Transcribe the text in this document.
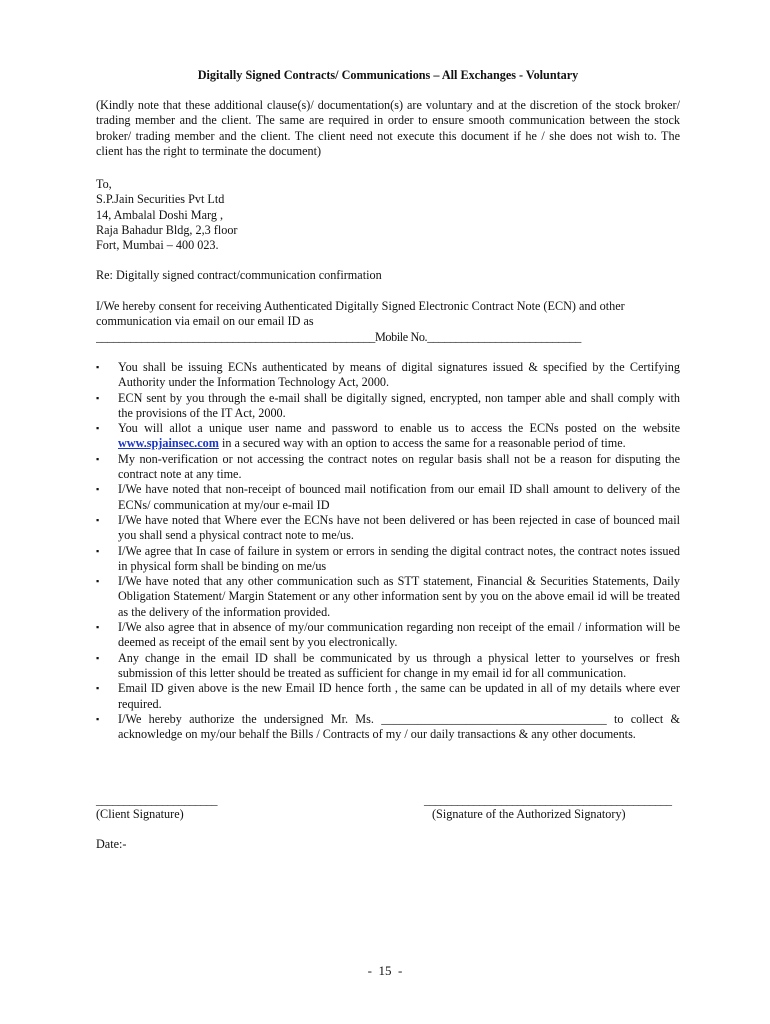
Digitally Signed Contracts/ Communications – All Exchanges - Voluntary
(Kindly note that these additional clause(s)/ documentation(s) are voluntary and at the discretion of the stock broker/ trading member and the client. The same are required in order to ensure smooth communication between the stock broker/ trading member and the client. The client need not execute this document if he / she does not wish to. The client has the right to terminate the document)
To,
S.P.Jain Securities Pvt Ltd
14, Ambalal Doshi Marg ,
Raja Bahadur Bldg, 2,3 floor
Fort, Mumbai – 400 023.
Re: Digitally signed contract/communication confirmation
I/We hereby consent for receiving Authenticated Digitally Signed Electronic Contract Note (ECN) and other communication via email on our email ID as
_________________________________________________Mobile No.___________________________
▪ You shall be issuing ECNs authenticated by means of digital signatures issued & specified by the Certifying Authority under the Information Technology Act, 2000.
▪ ECN sent by you through the e-mail shall be digitally signed, encrypted, non tamper able and shall comply with the provisions of the IT Act, 2000.
▪ You will allot a unique user name and password to enable us to access the ECNs posted on the website www.spjainsec.com in a secured way with an option to access the same for a reasonable period of time.
▪ My non-verification or not accessing the contract notes on regular basis shall not be a reason for disputing the contract note at any time.
▪ I/We have noted that non-receipt of bounced mail notification from our email ID shall amount to delivery of the ECNs/ communication at my/our e-mail ID
▪ I/We have noted that Where ever the ECNs have not been delivered or has been rejected in case of bounced mail you shall send a physical contract note to me/us.
▪ I/We agree that In case of failure in system or errors in sending the digital contract notes, the contract notes issued in physical form shall be binding on me/us
▪ I/We have noted that any other communication such as STT statement, Financial & Securities Statements, Daily Obligation Statement/ Margin Statement or any other information sent by you on the above email id will be treated as the delivery of the information provided.
▪ I/We also agree that in absence of my/our communication regarding non receipt of the email / information will be deemed as receipt of the email sent by you electronically.
▪ Any change in the email ID shall be communicated by us through a physical letter to yourselves or fresh submission of this letter should be treated as sufficient for change in my email id for all communication.
▪ Email ID given above is the new Email ID hence forth , the same can be updated in all of my details where ever required.
▪ I/We hereby authorize the undersigned Mr. Ms. _____________________________________ to collect & acknowledge on my/our behalf the Bills / Contracts of my / our daily transactions & any other documents.
______________________	_____________________________________________
(Client Signature)	(Signature of the Authorized Signatory)
Date:-
-  15  -
